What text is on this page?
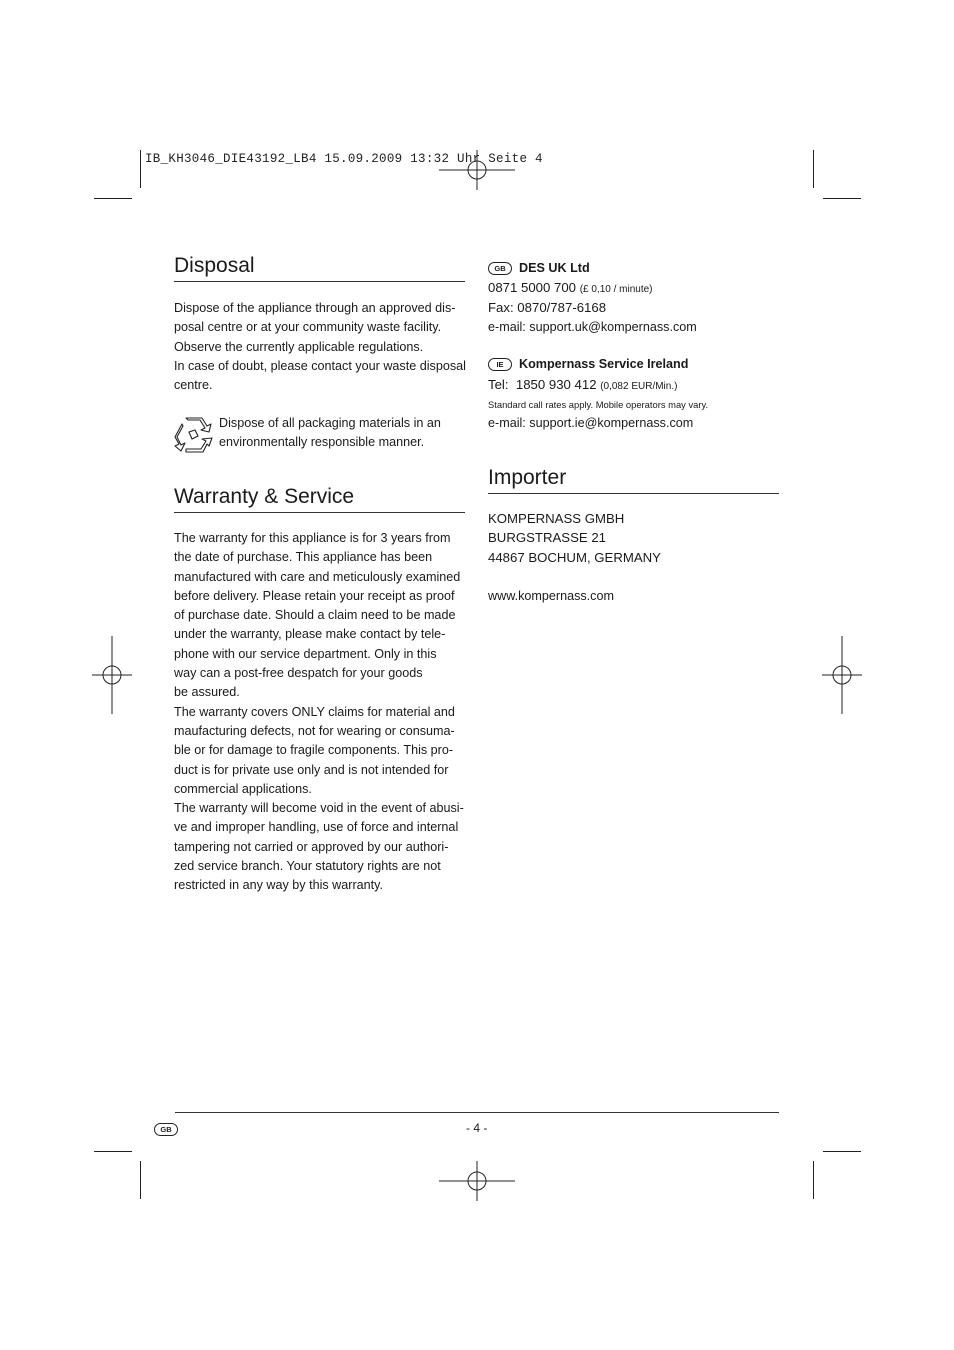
IB_KH3046_DIE43192_LB4 15.09.2009 13:32 Uhr Seite 4
Disposal

Dispose of the appliance through an approved dis-
posal centre or at your community waste facility.
Observe the currently applicable regulations.
In case of doubt, please contact your waste disposal
centre.

Dispose of all packaging materials in an
environmentally responsible manner.

Warranty & Service

The warranty for this appliance is for 3 years from
the date of purchase. This appliance has been
manufactured with care and meticulously examined
before delivery. Please retain your receipt as proof
of purchase date. Should a claim need to be made
under the warranty, please make contact by tele-
phone with our service department. Only in this
way can a post-free despatch for your goods
be assured.
The warranty covers ONLY claims for material and
maufacturing defects, not for wearing or consuma-
ble or for damage to fragile components. This pro-
duct is for private use only and is not intended for
commercial applications.
The warranty will become void in the event of abusi-
ve and improper handling, use of force and internal
tampering not carried or approved by our authori-
zed service branch. Your statutory rights are not
restricted in any way by this warranty.

GB DES UK Ltd
0871 5000 700 (£ 0,10 / minute)
Fax: 0870/787-6168
e-mail: support.uk@kompernass.com
IE Kompernass Service Ireland
Tel: 1850 930 412 (0,082 EUR/Min.)
Standard call rates apply. Mobile operators may vary.
e-mail: support.ie@kompernass.com
Importer

KOMPERNASS GMBH
BURGSTRASSE 21
44867 BOCHUM, GERMANY

www.kompernass.com
GB	- 4 -
